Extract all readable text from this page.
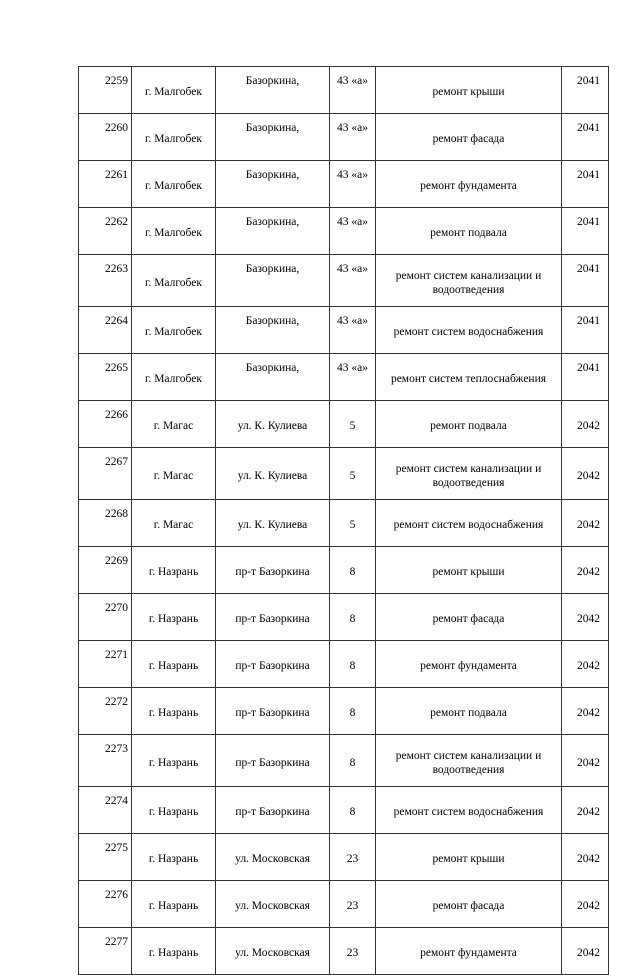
2259	г. Малгобек	Базоркина,	43 «а»	ремонт крыши	2041
2260	г. Малгобек	Базоркина,	43 «а»	ремонт фасада	2041
2261	г. Малгобек	Базоркина,	43 «а»	ремонт фундамента	2041
2262	г. Малгобек	Базоркина,	43 «а»	ремонт подвала	2041
2263	г. Малгобек	Базоркина,	43 «а»	ремонт систем канализации и водоотведения	2041
2264	г. Малгобек	Базоркина,	43 «а»	ремонт систем водоснабжения	2041
2265	г. Малгобек	Базоркина,	43 «а»	ремонт систем теплоснабжения	2041
2266	г. Магас	ул. К. Кулиева	5	ремонт подвала	2042
2267	г. Магас	ул. К. Кулиева	5	ремонт систем канализации и водоотведения	2042
2268	г. Магас	ул. К. Кулиева	5	ремонт систем водоснабжения	2042
2269	г. Назрань	пр-т Базоркина	8	ремонт крыши	2042
2270	г. Назрань	пр-т Базоркина	8	ремонт фасада	2042
2271	г. Назрань	пр-т Базоркина	8	ремонт фундамента	2042
2272	г. Назрань	пр-т Базоркина	8	ремонт подвала	2042
2273	г. Назрань	пр-т Базоркина	8	ремонт систем канализации и водоотведения	2042
2274	г. Назрань	пр-т Базоркина	8	ремонт систем водоснабжения	2042
2275	г. Назрань	ул. Московская	23	ремонт крыши	2042
2276	г. Назрань	ул. Московская	23	ремонт фасада	2042
2277	г. Назрань	ул. Московская	23	ремонт фундамента	2042
